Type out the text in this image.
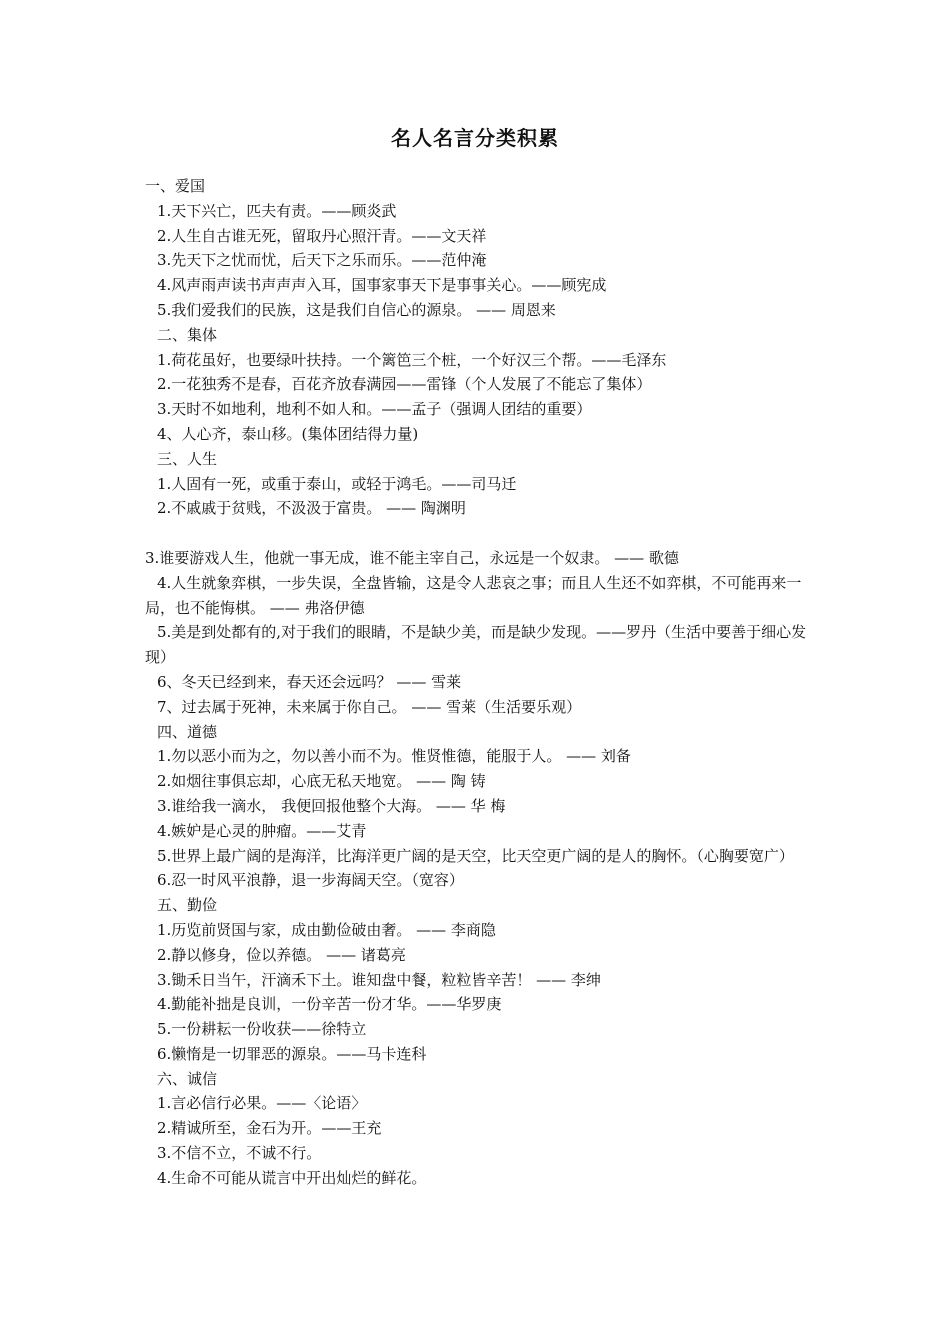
名人名言分类积累
一、爱国
1.天下兴亡，匹夫有责。——顾炎武
2.人生自古谁无死，留取丹心照汗青。——文天祥
3.先天下之忧而忧，后天下之乐而乐。——范仲淹
4.风声雨声读书声声声入耳，国事家事天下是事事关心。——顾宪成
5.我们爱我们的民族，这是我们自信心的源泉。 —— 周恩来
二、集体
1.荷花虽好，也要绿叶扶持。一个篱笆三个桩，一个好汉三个帮。——毛泽东
2.一花独秀不是春，百花齐放春满园——雷锋（个人发展了不能忘了集体）
3.天时不如地利，地利不如人和。——孟子（强调人团结的重要）
4、人心齐，泰山移。(集体团结得力量)
三、人生
1.人固有一死，或重于泰山，或轻于鸿毛。——司马迁
2.不戚戚于贫贱，不汲汲于富贵。 —— 陶渊明
3.谁要游戏人生，他就一事无成，谁不能主宰自己，永远是一个奴隶。 —— 歌德
4.人生就象弈棋，一步失误，全盘皆输，这是令人悲哀之事；而且人生还不如弈棋，不可能再来一局，也不能悔棋。 —— 弗洛伊德
5.美是到处都有的,对于我们的眼睛，不是缺少美，而是缺少发现。——罗丹（生活中要善于细心发现）
6、冬天已经到来，春天还会远吗？ —— 雪莱
7、过去属于死神，未来属于你自己。 —— 雪莱（生活要乐观）
四、道德
1.勿以恶小而为之，勿以善小而不为。惟贤惟德，能服于人。 —— 刘备
2.如烟往事俱忘却，心底无私天地宽。 —— 陶 铸
3.谁给我一滴水， 我便回报他整个大海。 —— 华 梅
4.嫉妒是心灵的肿瘤。——艾青
5.世界上最广阔的是海洋，比海洋更广阔的是天空，比天空更广阔的是人的胸怀。（心胸要宽广）
6.忍一时风平浪静，退一步海阔天空。（宽容）
五、勤俭
1.历览前贤国与家，成由勤俭破由奢。 —— 李商隐
2.静以修身，俭以养德。 —— 诸葛亮
3.锄禾日当午，汗滴禾下土。谁知盘中餐，粒粒皆辛苦！ —— 李绅
4.勤能补拙是良训，一份辛苦一份才华。——华罗庚
5.一份耕耘一份收获——徐特立
6.懒惰是一切罪恶的源泉。——马卡连科
六、诚信
1.言必信行必果。——〈论语〉
2.精诚所至，金石为开。——王充
3.不信不立，不诚不行。
4.生命不可能从谎言中开出灿烂的鲜花。
